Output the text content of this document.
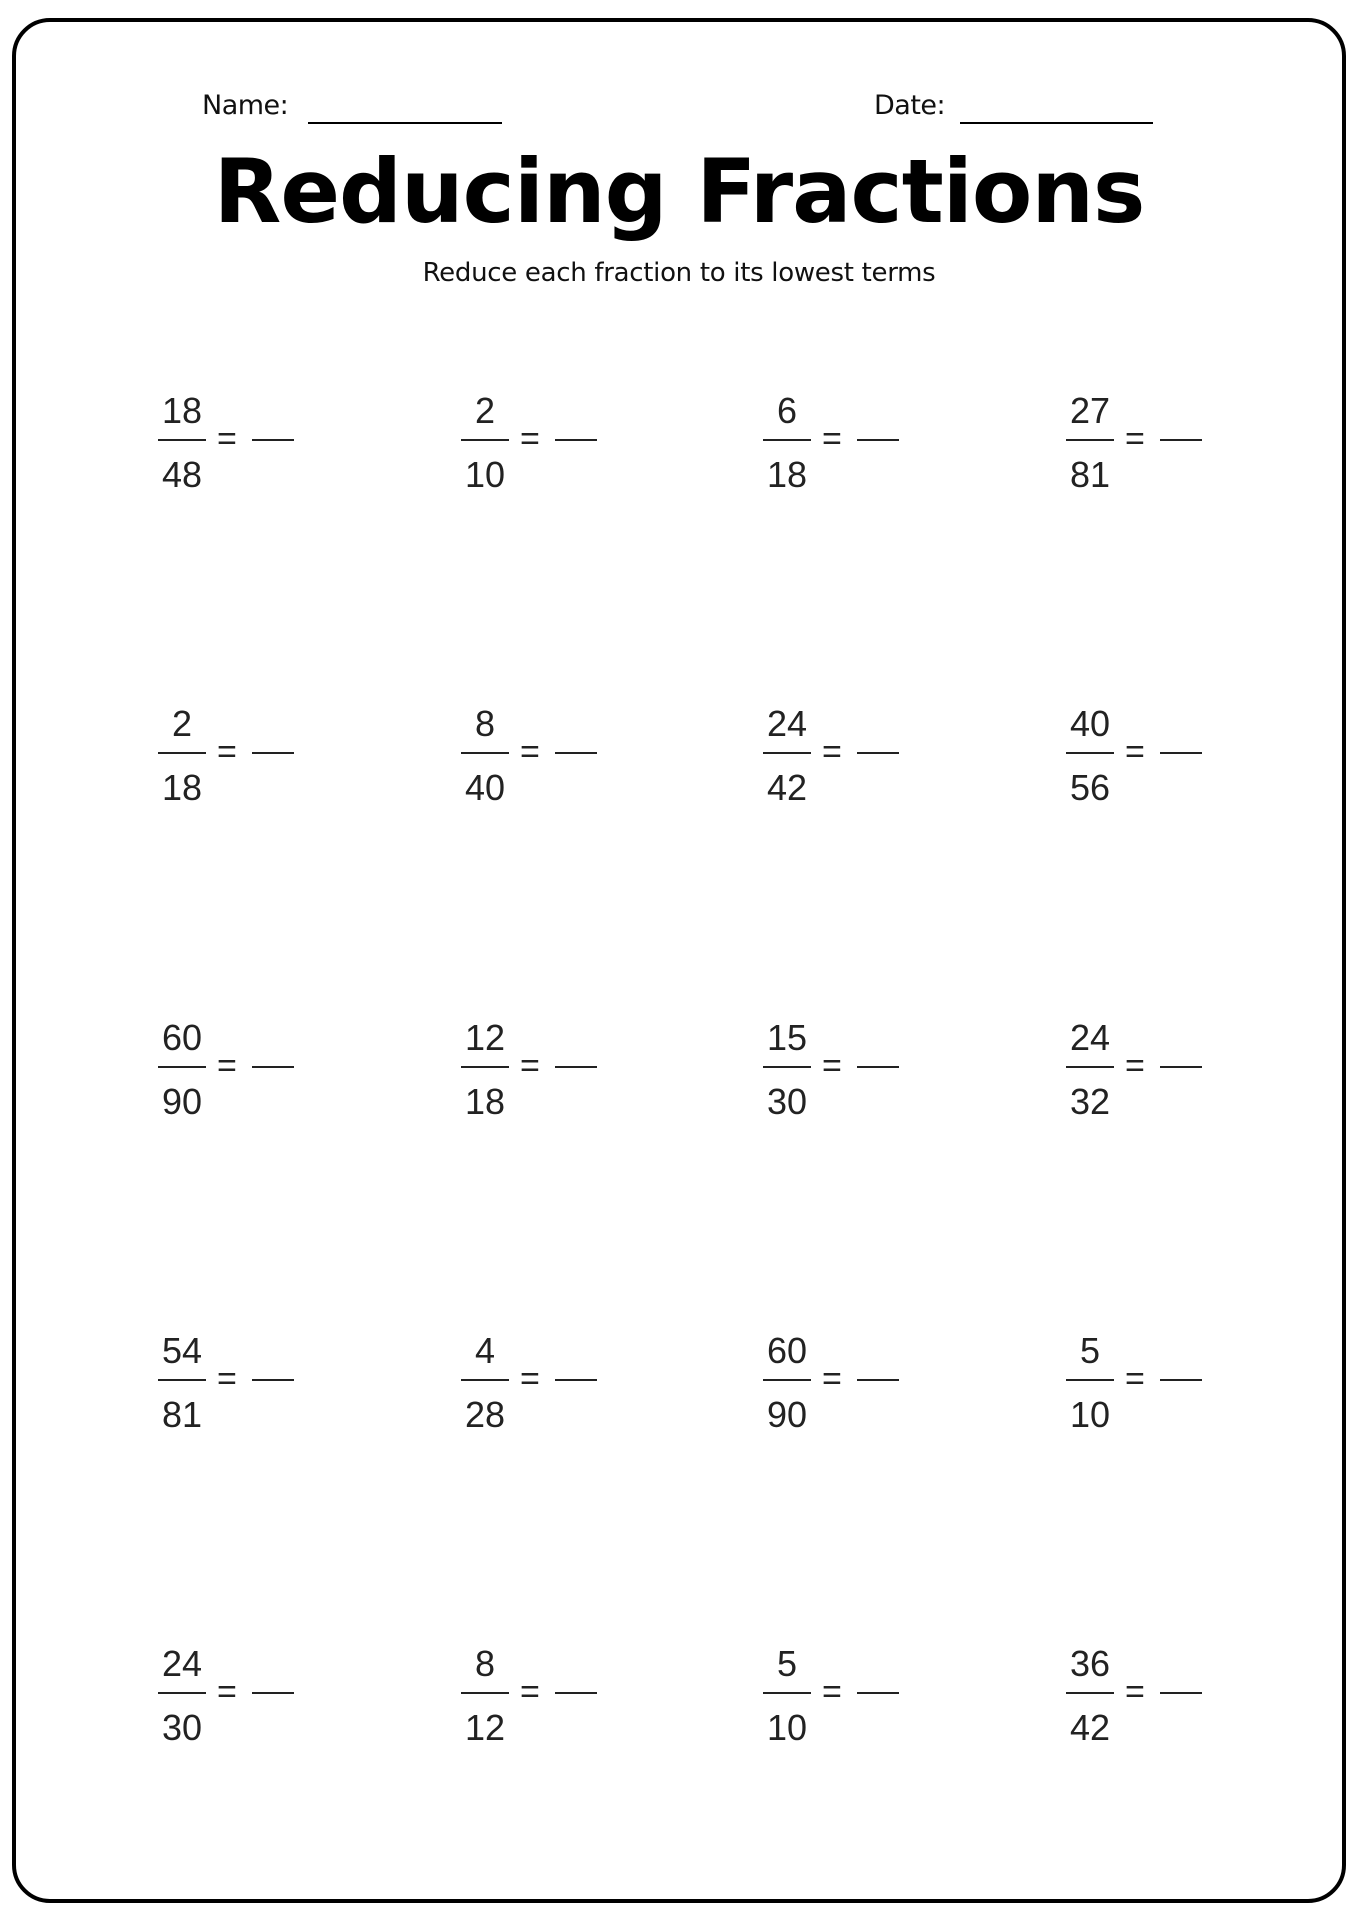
Name:	Date:
Reducing Fractions

Reduce each fraction to its lowest terms

18
48
=
2
10
=
6
18
=
27
81
=
2
18
=
8
40
=
24
42
=
40
56
=
60
90
=
12
18
=
15
30
=
24
32
=
54
81
=
4
28
=
60
90
=
5
10
=
24
30
=
8
12
=
5
10
=
36
42
=
